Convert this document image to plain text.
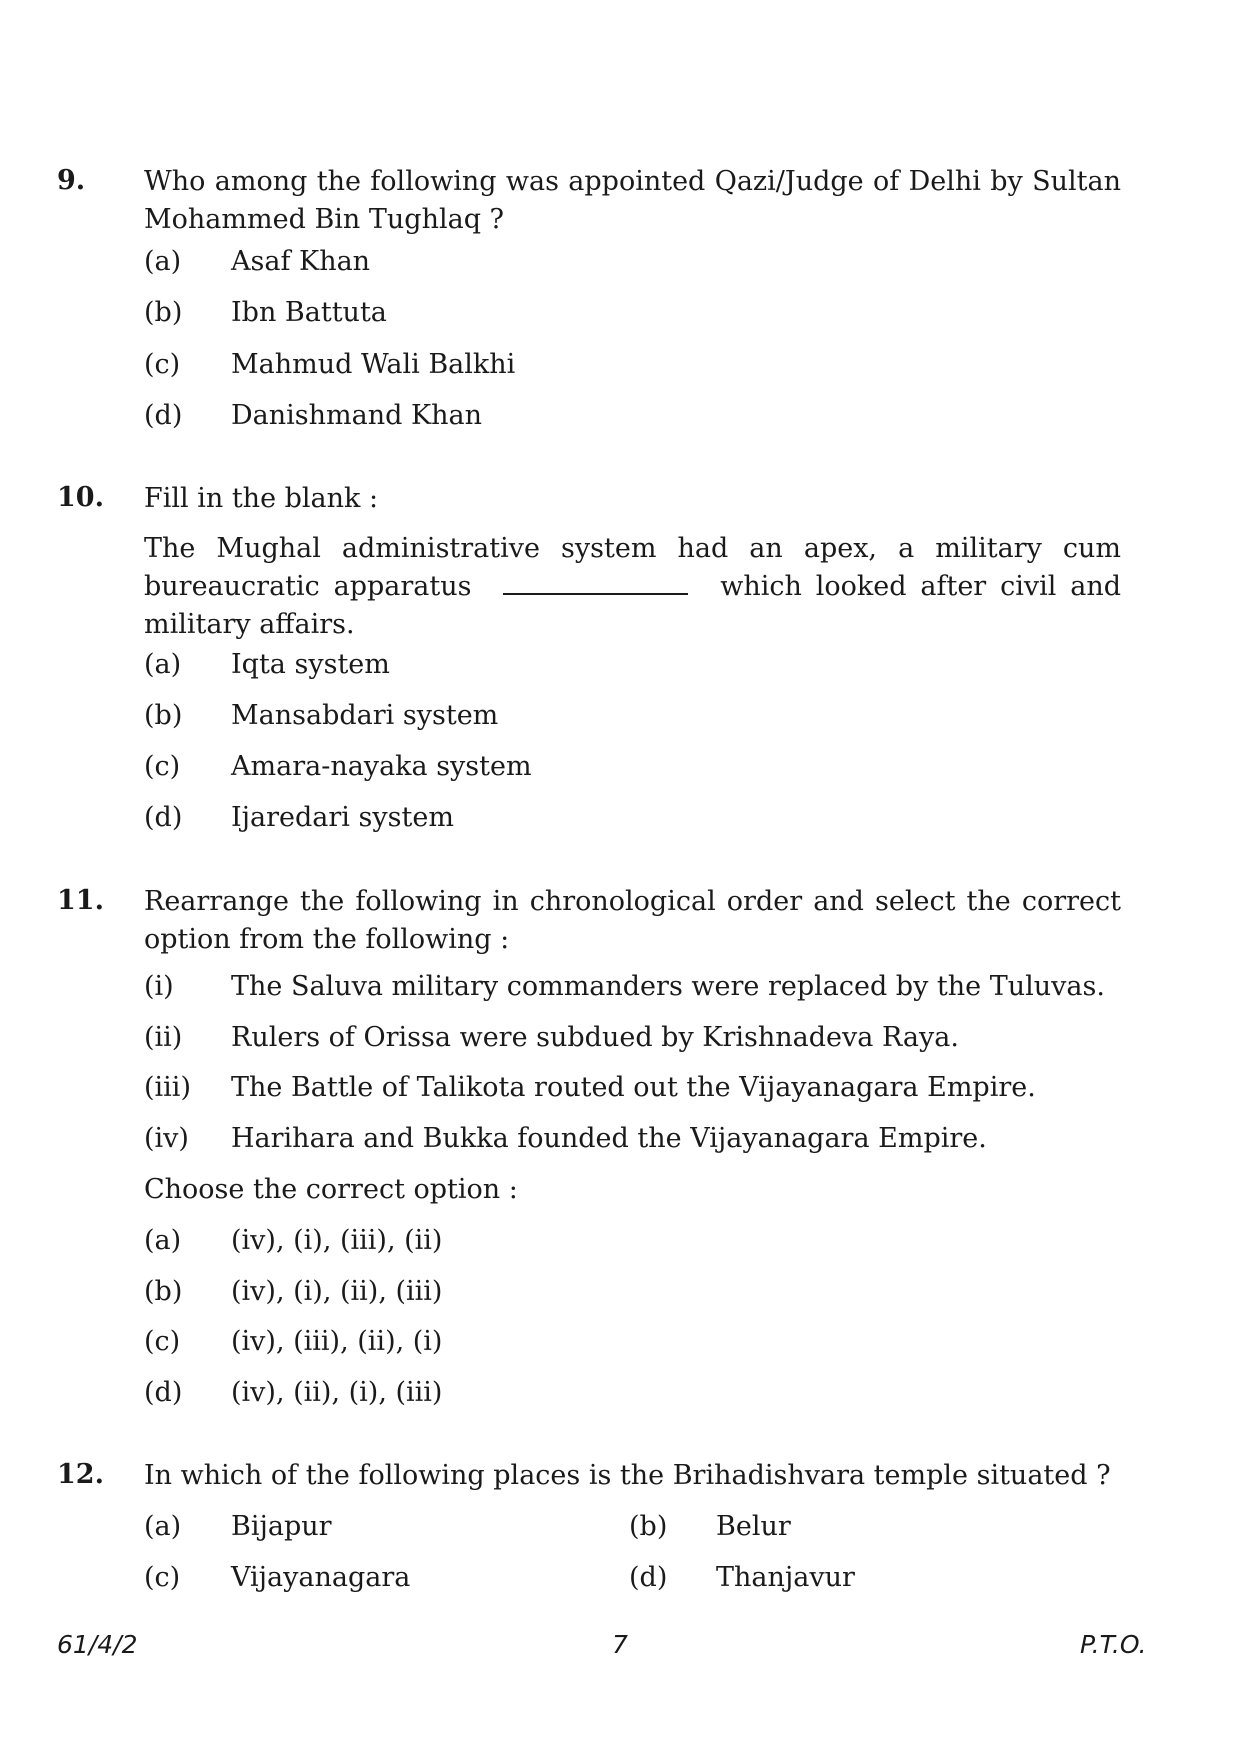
9. Who among the following was appointed Qazi/Judge of Delhi by Sultan Mohammed Bin Tughlaq ?
(a) Asaf Khan
(b) Ibn Battuta
(c) Mahmud Wali Balkhi
(d) Danishmand Khan
10. Fill in the blank :
The Mughal administrative system had an apex, a military cum bureaucratic apparatus	which looked after civil and military affairs.
(a) Iqta system
(b) Mansabdari system
(c) Amara-nayaka system
(d) Ijaredari system
11. Rearrange the following in chronological order and select the correct option from the following :
(i) The Saluva military commanders were replaced by the Tuluvas.
(ii) Rulers of Orissa were subdued by Krishnadeva Raya.
(iii) The Battle of Talikota routed out the Vijayanagara Empire.
(iv) Harihara and Bukka founded the Vijayanagara Empire.
Choose the correct option :
(a) (iv), (i), (iii), (ii)
(b) (iv), (i), (ii), (iii)
(c) (iv), (iii), (ii), (i)
(d) (iv), (ii), (i), (iii)
12. In which of the following places is the Brihadishvara temple situated ?
(a) Bijapur	(b) Belur
(c) Vijayanagara	(d) Thanjavur
61/4/2	7	P.T.O.
